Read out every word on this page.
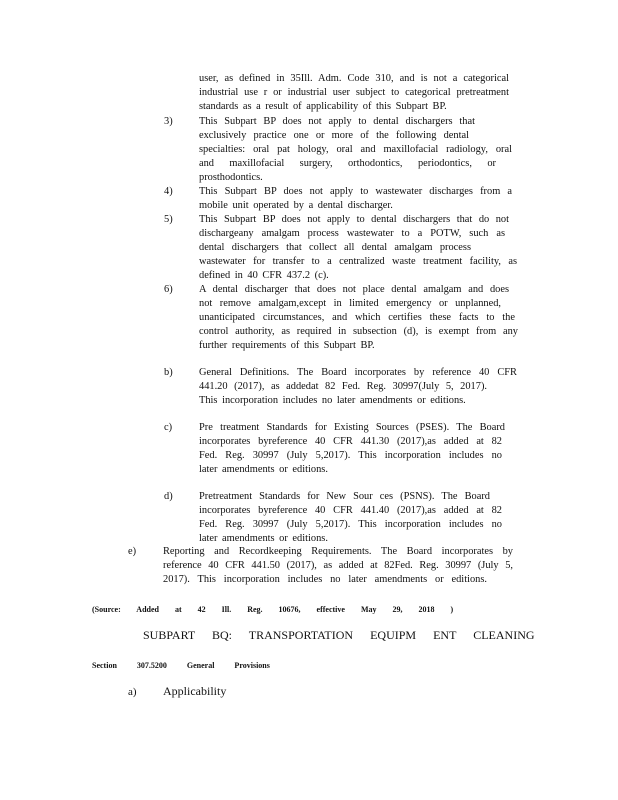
user, as defined in 35Ill. Adm. Code 310, and is not a categorical
industrial use r or industrial user subject to categorical pretreatment
standards as a result of applicability of this Subpart BP.
3)	This Subpart BP does not apply to dental dischargers that
exclusively practice one or more of the following dental
specialties: oral pat hology, oral and maxillofacial radiology, oral
and maxillofacial surgery, orthodontics, periodontics, or
prosthodontics.
4)	This Subpart BP does not apply to wastewater discharges from a
mobile unit operated by a dental discharger.
5)	This Subpart BP does not apply to dental dischargers that do not
dischargeany amalgam process wastewater to a POTW, such as
dental dischargers that collect all dental amalgam process
wastewater for transfer to a centralized waste treatment facility, as
defined in 40 CFR 437.2 (c).
6)	A dental discharger that does not place dental amalgam and does
not remove amalgam,except in limited emergency or unplanned,
unanticipated circumstances, and which certifies these facts to the
control authority, as required in subsection (d), is exempt from any
further requirements of this Subpart BP.
b)	General Definitions. The Board incorporates by reference 40 CFR
441.20 (2017), as addedat 82 Fed. Reg. 30997(July 5, 2017).
This incorporation includes no later amendments or editions.
c)	Pre treatment Standards for Existing Sources (PSES). The Board
incorporates byreference 40 CFR 441.30 (2017),as added at 82
Fed. Reg. 30997 (July 5,2017). This incorporation includes no
later amendments or editions.
d)	Pretreatment Standards for New Sour ces (PSNS). The Board
incorporates byreference 40 CFR 441.40 (2017),as added at 82
Fed. Reg. 30997 (July 5,2017). This incorporation includes no
later amendments or editions.
e)	Reporting and Recordkeeping Requirements. The Board incorporates by
reference 40 CFR 441.50 (2017), as added at 82Fed. Reg. 30997 (July 5,
2017). This incorporation includes no later amendments or editions.
(Source: Added at 42 Ill. Reg. 10676, effective May 29, 2018 )
SUBPART BQ: TRANSPORTATION EQUIPM ENT CLEANING
Section 307.5200 General Provisions
a) Applicability
